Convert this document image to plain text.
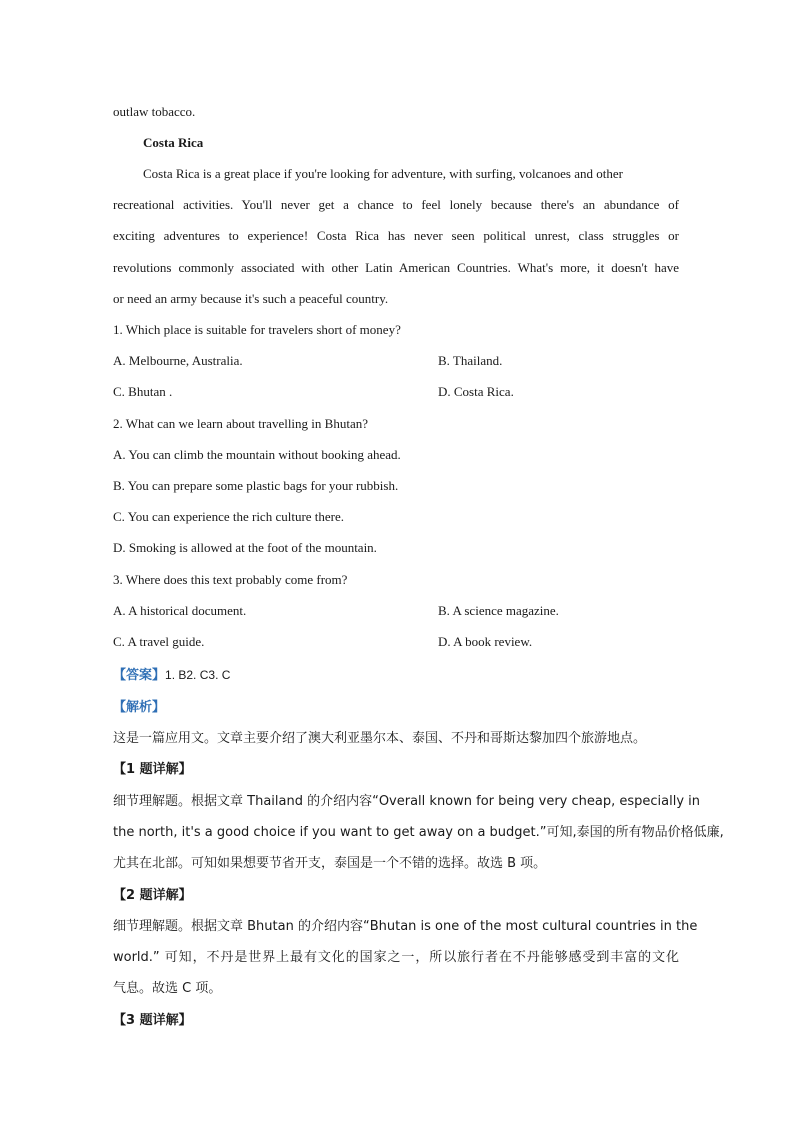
outlaw tobacco.
Costa Rica
Costa Rica is a great place if you're looking for adventure, with surfing, volcanoes and other
recreational activities. You'll never get a chance to feel lonely because there's an abundance of
exciting adventures to experience! Costa Rica has never seen political unrest, class struggles or
revolutions commonly associated with other Latin American Countries. What's more, it doesn't have
or need an army because it's such a peaceful country.
1. Which place is suitable for travelers short of money?
A. Melbourne, Australia.	B. Thailand.
C. Bhutan .	D. Costa Rica.
2. What can we learn about travelling in Bhutan?
A. You can climb the mountain without booking ahead.
B. You can prepare some plastic bags for your rubbish.
C. You can experience the rich culture there.
D. Smoking is allowed at the foot of the mountain.
3. Where does this text probably come from?
A. A historical document.	B. A science magazine.
C. A travel guide.	D. A book review.
【答案】1. B2. C3. C
【解析】
这是一篇应用文。文章主要介绍了澳大利亚墨尔本、泰国、不丹和哥斯达黎加四个旅游地点。
【1 题详解】
细节理解题。根据文章 Thailand 的介绍内容“Overall known for being very cheap, especially in
the north, it's a good choice if you want to get away on a budget.”可知,泰国的所有物品价格低廉,
尤其在北部。可知如果想要节省开支，泰国是一个不错的选择。故选 B 项。
【2 题详解】
细节理解题。根据文章 Bhutan 的介绍内容“Bhutan is one of the most cultural countries in the
world.” 可知，不丹是世界上最有文化的国家之一，所以旅行者在不丹能够感受到丰富的文化
气息。故选 C 项。
【3 题详解】
